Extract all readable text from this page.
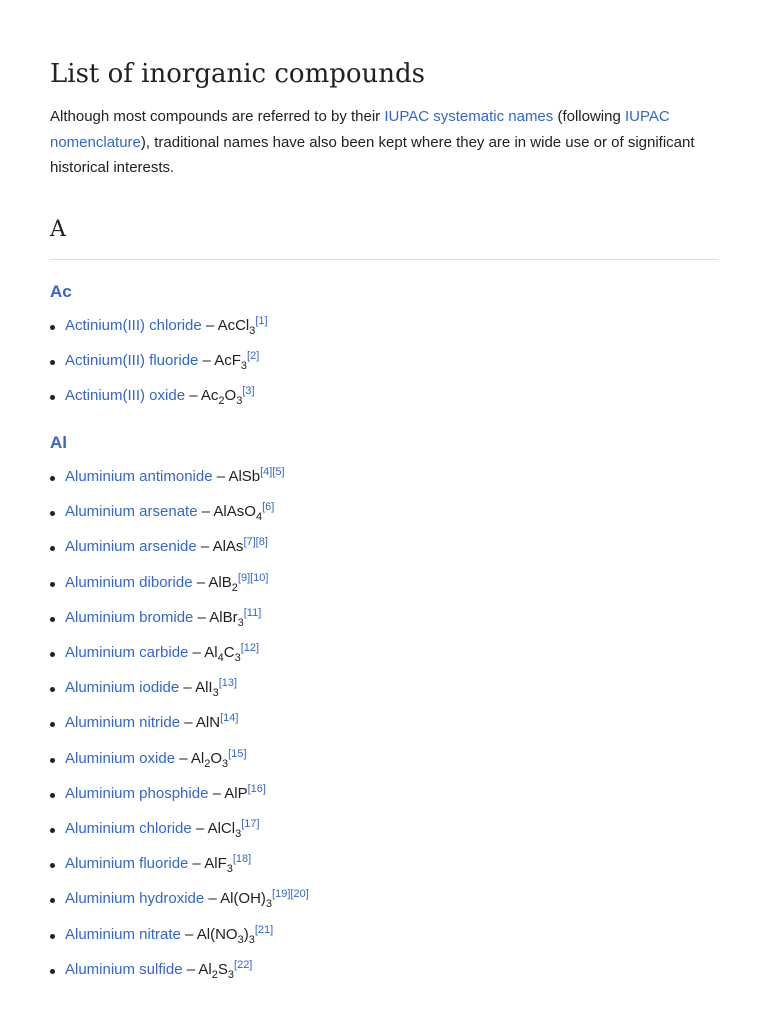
List of inorganic compounds

Although most compounds are referred to by their IUPAC systematic names (following IUPAC nomenclature), traditional names have also been kept where they are in wide use or of significant historical interests.

A
Ac
Actinium(III) chloride – AcCl$_3$[1]
Actinium(III) fluoride – AcF$_3$[2]
Actinium(III) oxide – $Ac_2O_3[3]$
Al
Aluminium antimonide – AlSb[4][5]
Aluminium arsenate – AlAsO$_4$[6]
Aluminium arsenide – AlAs[7][8]
Aluminium diboride – AlB$_2$[9][10]
Aluminium bromide – AlBr$_3$[11]
Aluminium carbide – $Al_4C_3[12]$
Aluminium iodide – AlI$_3$[13]
Aluminium nitride – AlN[14]
Aluminium oxide – $Al_2O_3[15]$
Aluminium phosphide – AlP[16]
Aluminium chloride – AlCl$_3$[17]
Aluminium fluoride – AlF$_3$[18]
Aluminium hydroxide – $Al(OH)_3[19][20]$
Aluminium nitrate – $Al(NO_3)_3[21]$
Aluminium sulfide – $Al_2S_3[22]$
